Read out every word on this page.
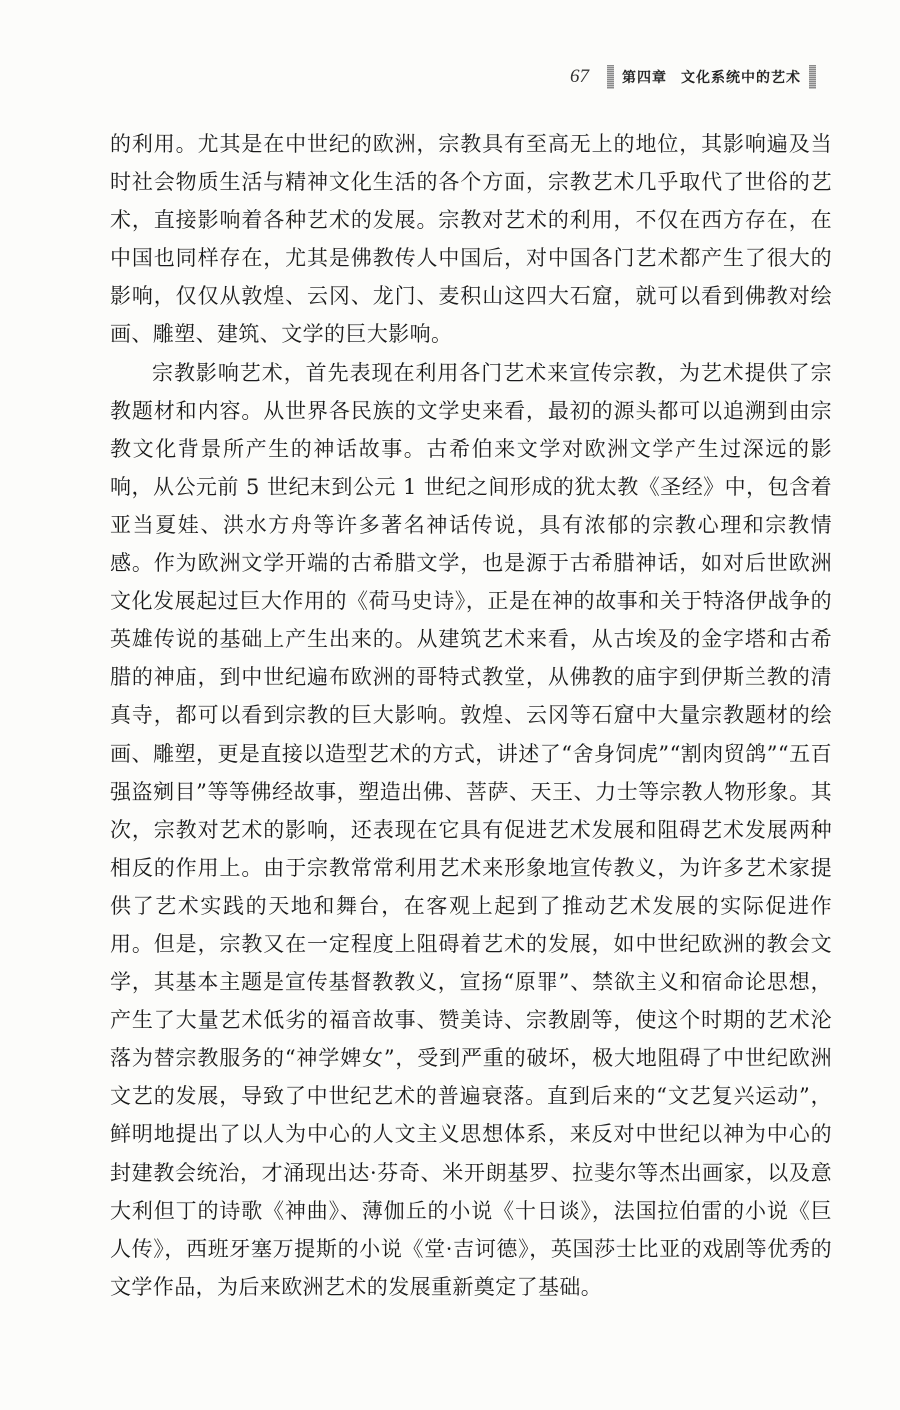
67 第四章 文化系统中的艺术

的利用。尤其是在中世纪的欧洲，宗教具有至高无上的地位，其影响遍及当时社会物质生活与精神文化生活的各个方面，宗教艺术几乎取代了世俗的艺术，直接影响着各种艺术的发展。宗教对艺术的利用，不仅在西方存在，在中国也同样存在，尤其是佛教传人中国后，对中国各门艺术都产生了很大的影响，仅仅从敦煌、云冈、龙门、麦积山这四大石窟，就可以看到佛教对绘画、雕塑、建筑、文学的巨大影响。

宗教影响艺术，首先表现在利用各门艺术来宣传宗教，为艺术提供了宗教题材和内容。从世界各民族的文学史来看，最初的源头都可以追溯到由宗教文化背景所产生的神话故事。古希伯来文学对欧洲文学产生过深远的影响，从公元前 5 世纪末到公元 1 世纪之间形成的犹太教《圣经》中，包含着亚当夏娃、洪水方舟等许多著名神话传说，具有浓郁的宗教心理和宗教情感。作为欧洲文学开端的古希腊文学，也是源于古希腊神话，如对后世欧洲文化发展起过巨大作用的《荷马史诗》，正是在神的故事和关于特洛伊战争的英雄传说的基础上产生出来的。从建筑艺术来看，从古埃及的金字塔和古希腊的神庙，到中世纪遍布欧洲的哥特式教堂，从佛教的庙宇到伊斯兰教的清真寺，都可以看到宗教的巨大影响。敦煌、云冈等石窟中大量宗教题材的绘画、雕塑，更是直接以造型艺术的方式，讲述了“舍身饲虎”“割肉贸鸽”“五百强盗剜目”等等佛经故事，塑造出佛、菩萨、天王、力士等宗教人物形象。其次，宗教对艺术的影响，还表现在它具有促进艺术发展和阻碍艺术发展两种相反的作用上。由于宗教常常利用艺术来形象地宣传教义，为许多艺术家提供了艺术实践的天地和舞台，在客观上起到了推动艺术发展的实际促进作用。但是，宗教又在一定程度上阻碍着艺术的发展，如中世纪欧洲的教会文学，其基本主题是宣传基督教教义，宣扬“原罪”、禁欲主义和宿命论思想，产生了大量艺术低劣的福音故事、赞美诗、宗教剧等，使这个时期的艺术沦落为替宗教服务的“神学婢女”，受到严重的破坏，极大地阻碍了中世纪欧洲文艺的发展，导致了中世纪艺术的普遍衰落。直到后来的“文艺复兴运动”，鲜明地提出了以人为中心的人文主义思想体系，来反对中世纪以神为中心的封建教会统治，才涌现出达·芬奇、米开朗基罗、拉斐尔等杰出画家，以及意大利但丁的诗歌《神曲》、薄伽丘的小说《十日谈》，法国拉伯雷的小说《巨人传》，西班牙塞万提斯的小说《堂·吉诃德》，英国莎士比亚的戏剧等优秀的文学作品，为后来欧洲艺术的发展重新奠定了基础。
